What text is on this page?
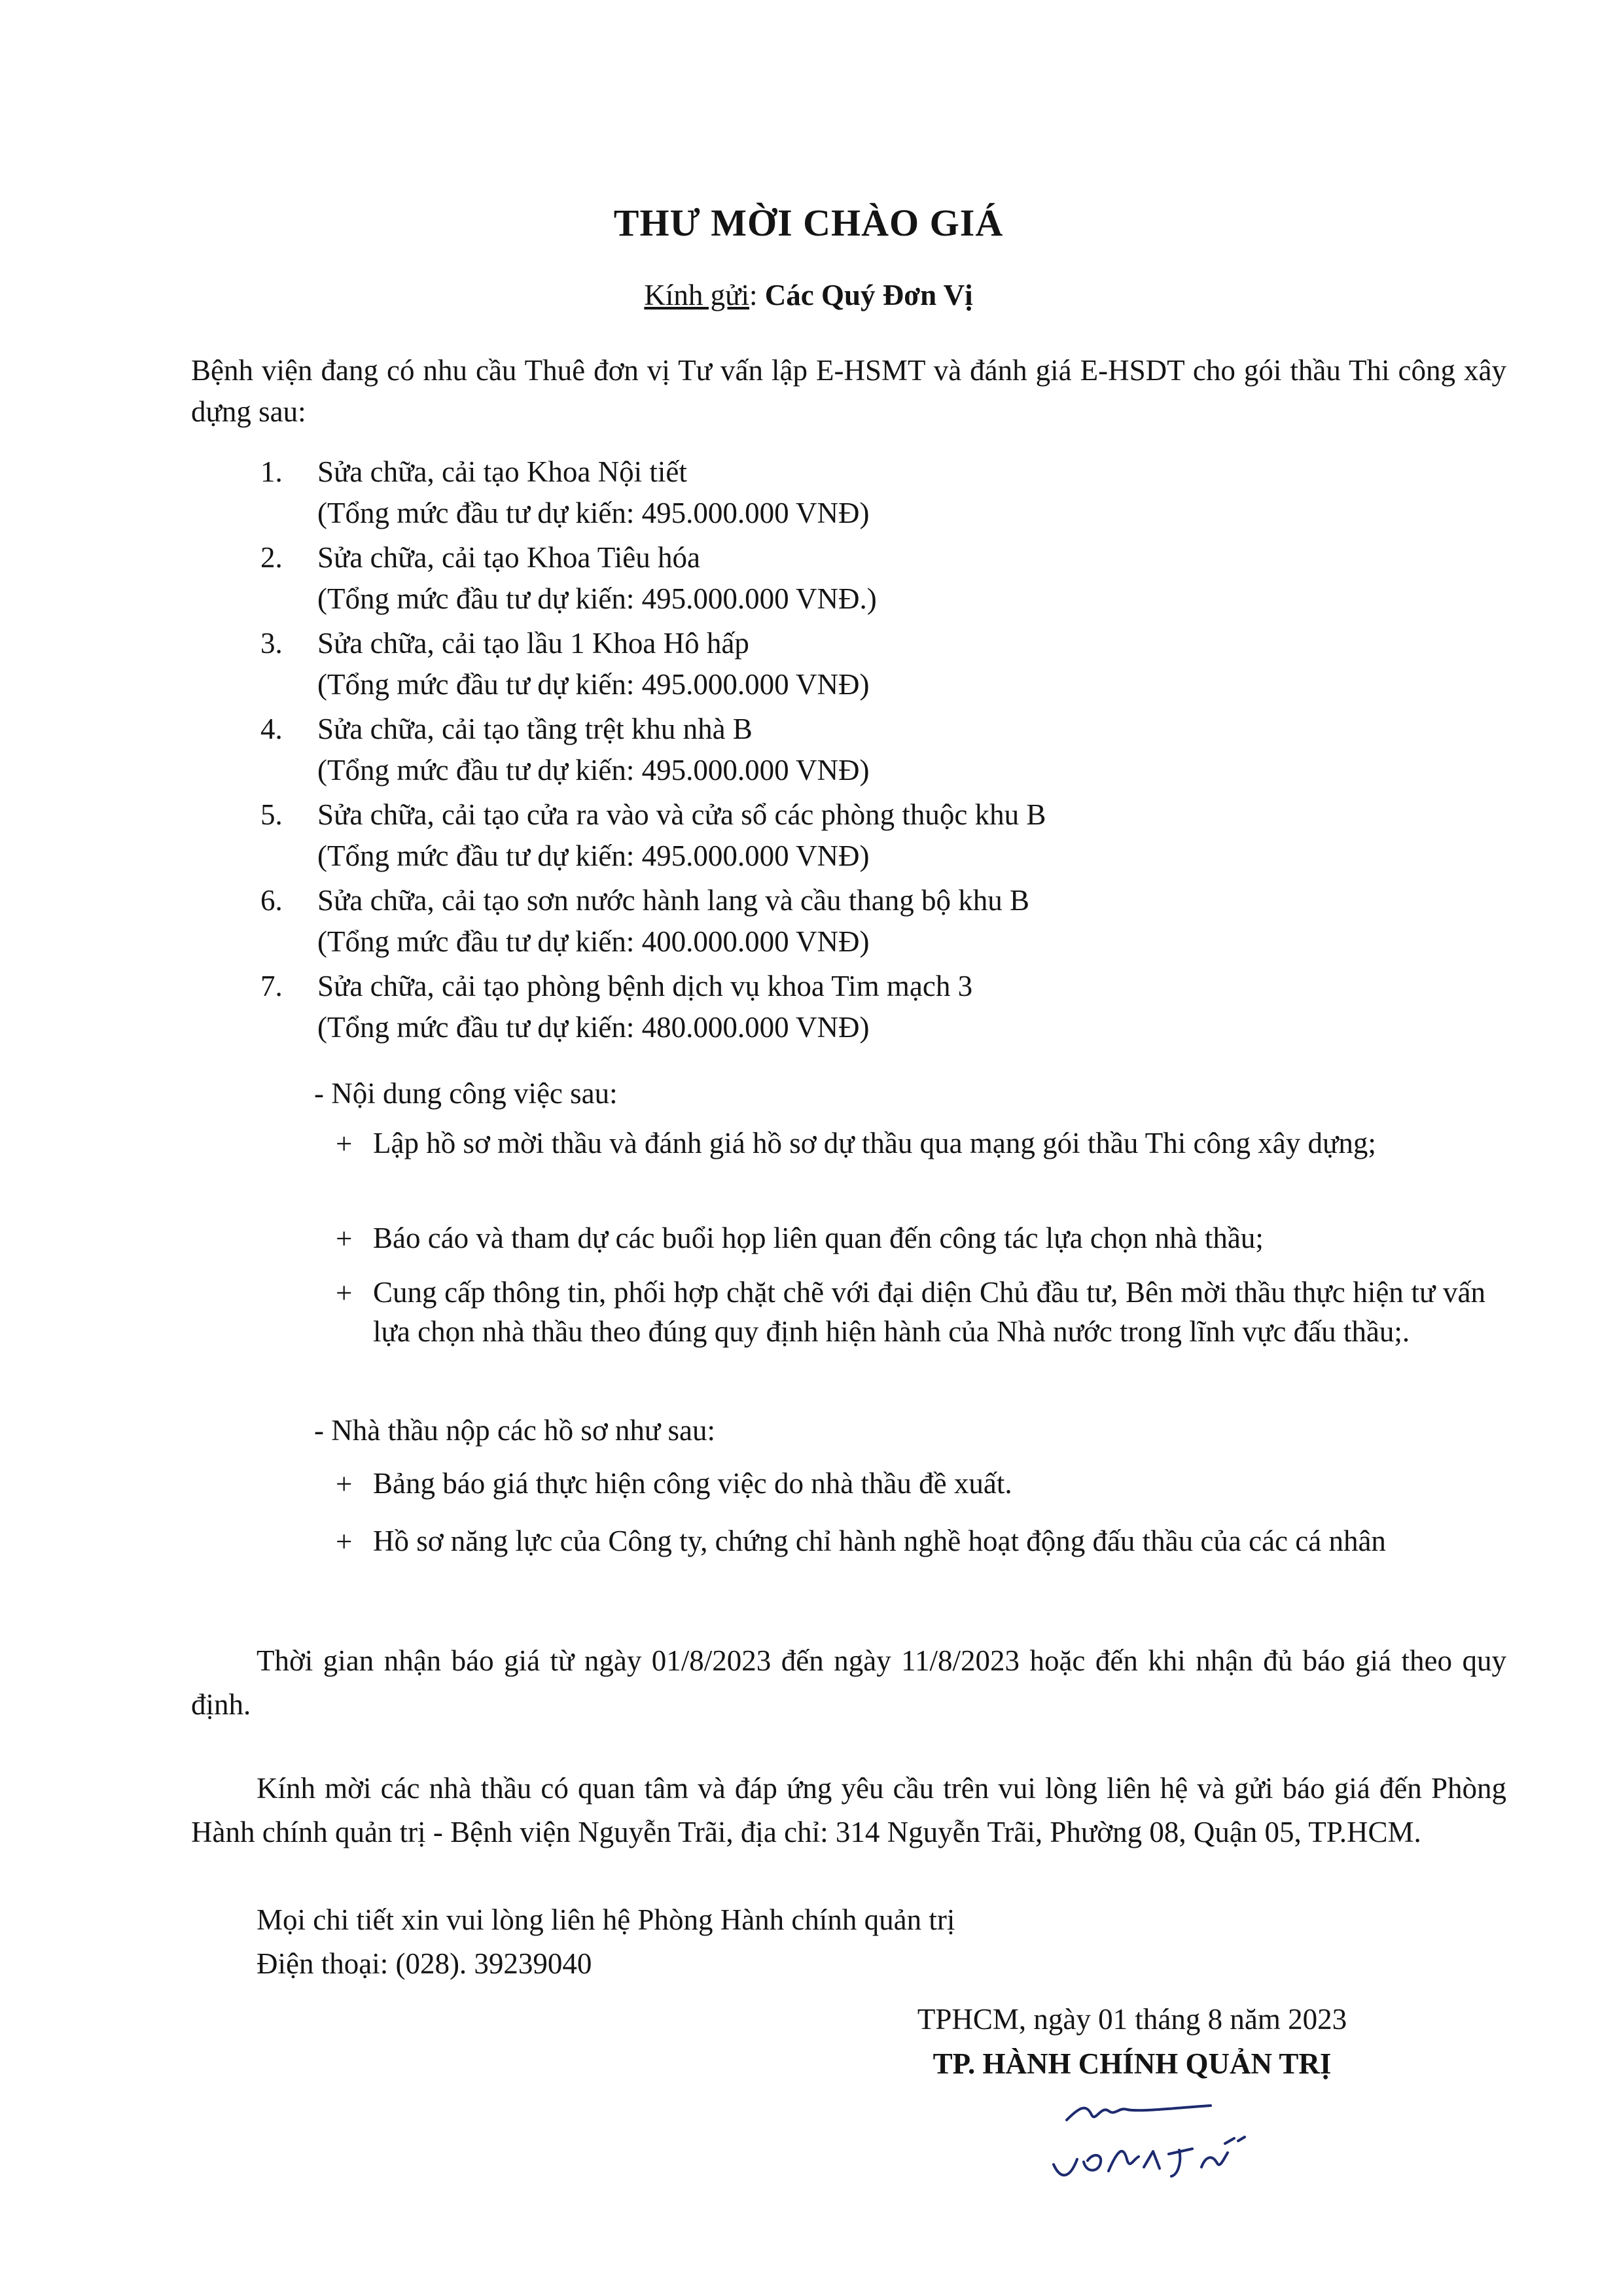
THƯ MỜI CHÀO GIÁ
Kính gửi: Các Quý Đơn Vị
Bệnh viện đang có nhu cầu Thuê đơn vị Tư vấn lập E-HSMT và đánh giá E-HSDT cho gói thầu Thi công xây dựng sau:
1. Sửa chữa, cải tạo Khoa Nội tiết
(Tổng mức đầu tư dự kiến: 495.000.000 VNĐ)
2. Sửa chữa, cải tạo Khoa Tiêu hóa
(Tổng mức đầu tư dự kiến: 495.000.000 VNĐ.)
3. Sửa chữa, cải tạo lầu 1 Khoa Hô hấp
(Tổng mức đầu tư dự kiến: 495.000.000 VNĐ)
4. Sửa chữa, cải tạo tầng trệt khu nhà B
(Tổng mức đầu tư dự kiến: 495.000.000 VNĐ)
5. Sửa chữa, cải tạo cửa ra vào và cửa sổ các phòng thuộc khu B
(Tổng mức đầu tư dự kiến: 495.000.000 VNĐ)
6. Sửa chữa, cải tạo sơn nước hành lang và cầu thang bộ khu B
(Tổng mức đầu tư dự kiến: 400.000.000 VNĐ)
7. Sửa chữa, cải tạo phòng bệnh dịch vụ khoa Tim mạch 3
(Tổng mức đầu tư dự kiến: 480.000.000 VNĐ)
- Nội dung công việc sau:
+ Lập hồ sơ mời thầu và đánh giá hồ sơ dự thầu qua mạng gói thầu Thi công xây dựng;
+ Báo cáo và tham dự các buổi họp liên quan đến công tác lựa chọn nhà thầu;
+ Cung cấp thông tin, phối hợp chặt chẽ với đại diện Chủ đầu tư, Bên mời thầu thực hiện tư vấn lựa chọn nhà thầu theo đúng quy định hiện hành của Nhà nước trong lĩnh vực đấu thầu;.
- Nhà thầu nộp các hồ sơ như sau:
+ Bảng báo giá thực hiện công việc do nhà thầu đề xuất.
+ Hồ sơ năng lực của Công ty, chứng chỉ hành nghề hoạt động đấu thầu của các cá nhân
Thời gian nhận báo giá từ ngày 01/8/2023 đến ngày 11/8/2023 hoặc đến khi nhận đủ báo giá theo quy định.
Kính mời các nhà thầu có quan tâm và đáp ứng yêu cầu trên vui lòng liên hệ và gửi báo giá đến Phòng Hành chính quản trị - Bệnh viện Nguyễn Trãi, địa chỉ: 314 Nguyễn Trãi, Phường 08, Quận 05, TP.HCM.
Mọi chi tiết xin vui lòng liên hệ Phòng Hành chính quản trị
Điện thoại: (028). 39239040
TPHCM, ngày 01 tháng 8 năm 2023
TP. HÀNH CHÍNH QUẢN TRỊ
